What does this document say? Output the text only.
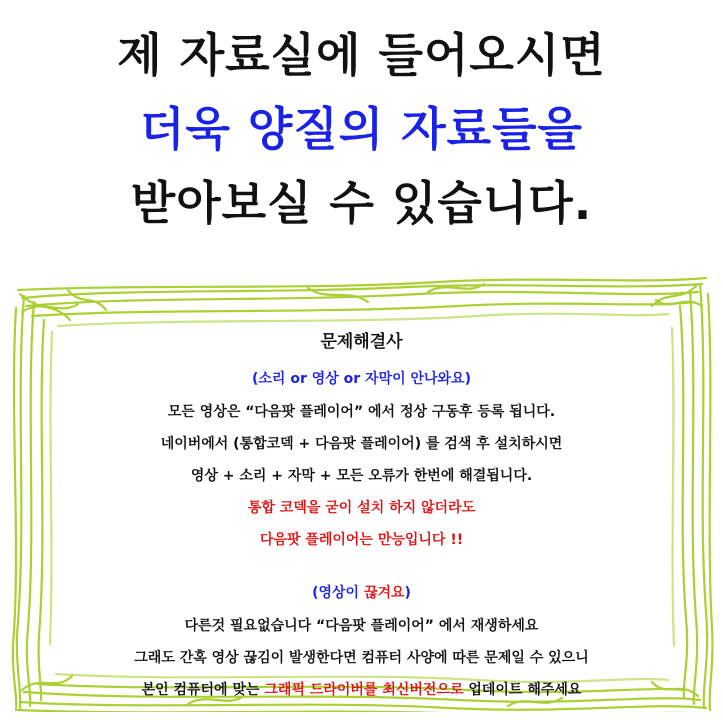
제 자료실에 들어오시면
더욱 양질의 자료들을
받아보실 수 있습니다.
문제해결사
(소리 or 영상 or 자막이 안나와요)

모든 영상은 “다음팟 플레이어” 에서 정상 구동후 등록 됩니다.

네이버에서 (통합코덱 + 다음팟 플레이어) 를 검색 후 설치하시면

영상 + 소리 + 자막 + 모든 오류가 한번에 해결됩니다.

통합 코덱을 굳이 설치 하지 않더라도

다음팟 플레이어는 만능입니다 !!

(영상이 끊겨요)

다른것 필요없습니다 “다음팟 플레이어” 에서 재생하세요

그래도 간혹 영상 끊김이 발생한다면 컴퓨터 사양에 따른 문제일 수 있으니

본인 컴퓨터에 맞는 그래픽 드라이버를 최신버전으로 업데이트 해주세요
